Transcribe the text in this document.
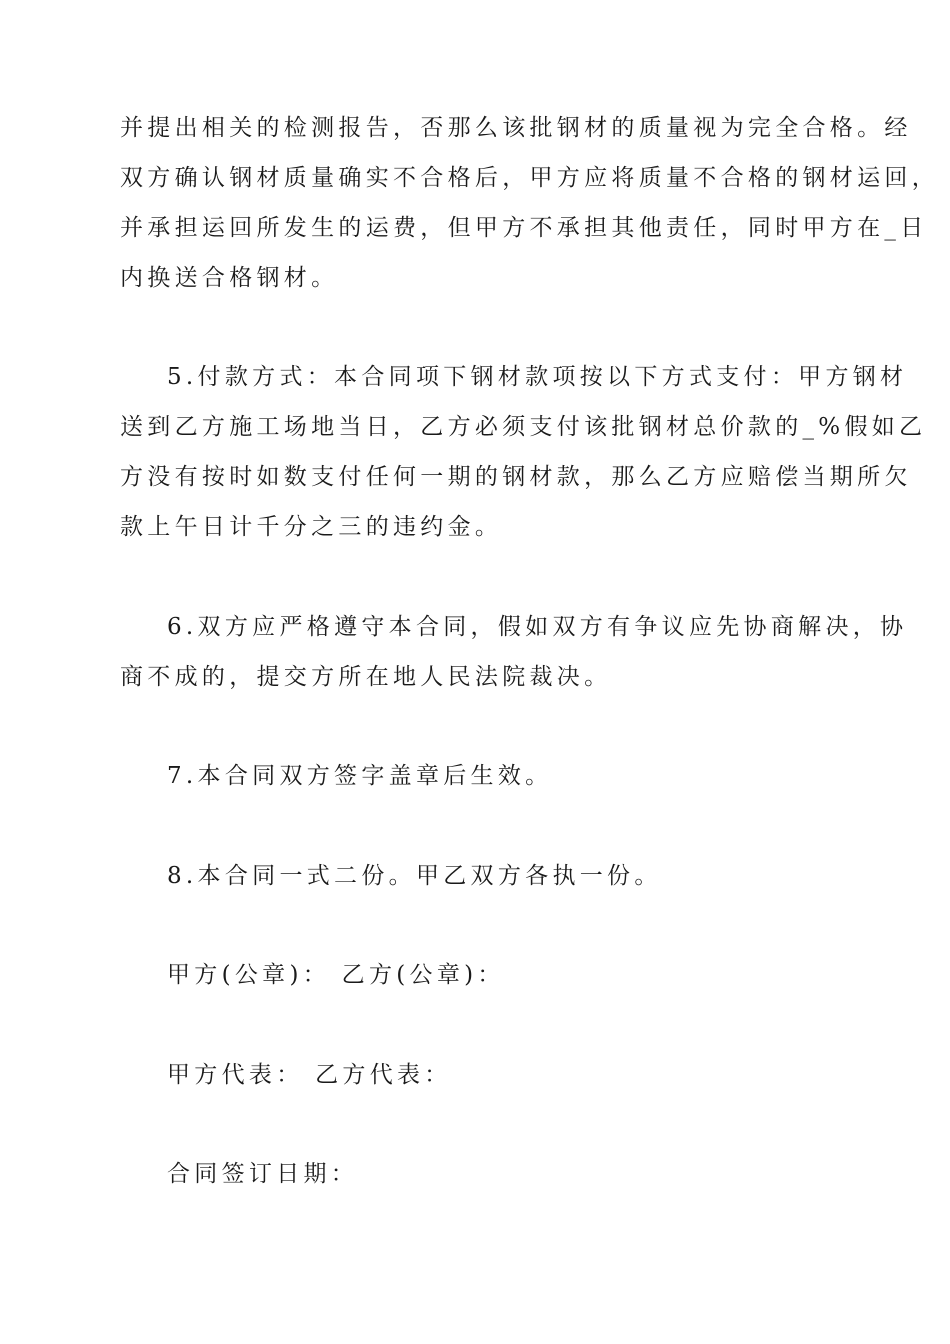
并提出相关的检测报告，否那么该批钢材的质量视为完全合格。经
双方确认钢材质量确实不合格后，甲方应将质量不合格的钢材运回，
并承担运回所发生的运费，但甲方不承担其他责任，同时甲方在_日
内换送合格钢材。
5.付款方式：本合同项下钢材款项按以下方式支付：甲方钢材
送到乙方施工场地当日，乙方必须支付该批钢材总价款的_%假如乙
方没有按时如数支付任何一期的钢材款，那么乙方应赔偿当期所欠
款上午日计千分之三的违约金。
6.双方应严格遵守本合同，假如双方有争议应先协商解决，协
商不成的，提交方所在地人民法院裁决。
7.本合同双方签字盖章后生效。
8.本合同一式二份。甲乙双方各执一份。
甲方(公章)： 乙方(公章)：
甲方代表： 乙方代表：
合同签订日期：
